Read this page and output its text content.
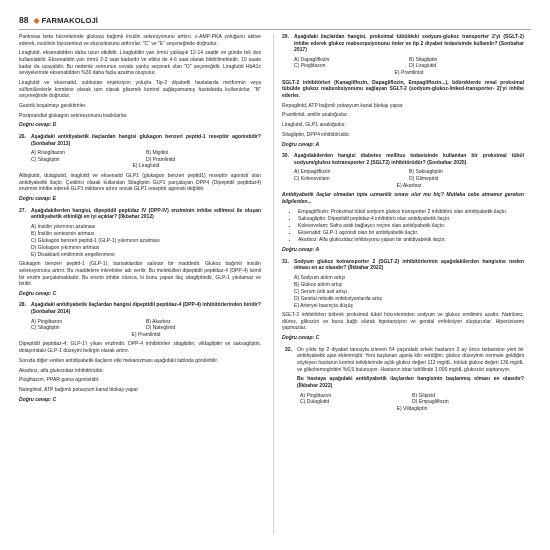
88 ◆ FARMAKOLOJİ

Pankreas beta hücrelerinde glukoza bağımlı insülin sekresyonunu arttırır. c-AMP-PKA yoluğunu aktive ederek, insülinin biyosentezi ve ekzositozunu arttırırlar. "C" ve "E" seçeneğinde doğrudur.

Liraglutid, eksenatidden daha uzun etkilidir. Liraglutidin yarı ömrü yaklaşık 12-14 saattir ve günde tek doz kullanılabilir. Eksenatidin yarı ömrü 2-3 saat kadardır ve etkisi de 4-6 saat olarak bildirilmektedir, 10 saate kadar da uzayabilir. Bu nedenle sonrunun cevabı yanlış seçenek olan "D" seçeneğidir. Liraglutid HbA1c seviyelerinde eksenatidden %30 daha fazla azalma oluşturur.

Liraglutid ve eksenatid, subkutan enjeksiyon yoluyla Tip-2 diyabetli hastalarda metformin veya sülfonilürelerle kombine olarak tam olarak glisemik kontrol sağlayamamış hastalarda kullanılırlar. "B" seçeneğinde doğrudur.

Gastrik boşalmayı geciktirirler.

Postprandial glukagon sekresyonunu baskılarlar.

Doğru cevap: D
26. Aşağıdaki antidiyabetik ilaçlardan hangisi glukagon benzeri peptid-1 reseptör agonistidir? (Sonbahar 2013)
A) Rosiglitazon	B) Miglitol
C) Sitagliptin	D) Pramlintid
E) Liraglutid

Albiglutid, dulaglutid, liraglutid ve eksenatid GLP1 (glukagon benzeri peptid1) reseptör agonisti olan antidiyabetik ilaçtır. Çeldirici olarak kullanılan Sitagliptin GLP1 parçalayan DPP4 (Dipeptidil peptidaz4) enzimini inhibe ederek GLP1 miktarını artırır ancak GLP1 reseptör agonisti değildir.

Doğru cevap: E
27. Aşağıdakilerden hangisi, dipeptidil peptidaz IV (DPP-IV) enziminin inhibe edilmesi ile oluşan antidiyabetik etkinliği en iyi açıklar? (İlkbahar 2012)
A) İnsülin yıkımının azalması
B) İnsülin sentezinin artması
C) Glukagon benzeri peptid-1 (GLP-1) yıkımının azalması
D) Glukagon yıkımının artması
E) Disakkarit emiliminin engellenmesi

Glukagon benzeri peptid-1 (GLP-1); barsaklardan salınan bir maddedir. Glukoz bağımlı insülin sekresyonunu artırır. Bu maddelere inkretinler adı verilir. Bu molekülleri dipeptidil peptidaz-4 (DPP-4) isimli bir enzim parçalamaktadır. Bu enzim inhibe olunca, ki bunu yapan ilaç sitagliptindir, GLP-1 yıkılamaz ve birikir.

Doğru cevap: C
28. Aşağıdaki antidiyabetik ilaçlardan hangisi dipeptidil peptidaz-4 (DPP-4) inhibitörlerinden biridir? (Sonbahar 2014)
A) Pioglitazon	B) Akarboz
C) Sitagliptin	D) Nateglinid
E) Pramlintid

Dipeptidil peptidaz-4; GLP-1'i yıkan enzimdir. DPP-4 inhibitörleri sitagliptin, vildagliptin ve saksagliptin, dolaşımdaki GLP-1 düzeyini belirgin olarak artırır.

Soruda diğer verilen antidiyabetik ilaçların etki mekanizması aşağıdaki tabloda görülebilir.

Akarboz, alfa glukozidaz inhibitörüdür.

Pioglitazon, PPAR gama agonistidir.

Nateglinid, ATP bağımlı potasyum kanal blokajı yapar

Doğru cevap: C
29. Aşağıdaki ilaçlardan hangisi, proksimal tübüldeki sodyum-glukoz transporter 2'yi (SGLT-2) inhibe ederek glukoz reabsorpsiyonunu önler ve tip 2 diyabet tedavisinde kullanılır? (Sonbahar 2017)
A) Dapagliflozin	B) Sitagliptin
C) Pioglitazon	D) Liraglutid
E) Pramlintid

SGLT-2 inhibitörleri (Kanagliflozin, Dapagliflozin, Empagliflozin...), böbreklerde renal proksimal tübülde glukoz reabsobsiyonunu sağlayan SGLT-2 (sodyum-glukoz-linked-transporter- 2)'yi inhibe ederler.

Repaglinid, ATP bağımlı potasyum kanal blokajı yapar.

Pramlintid, amilin analoğudur.

Liraglutid, GLP1 analoğudur.

Sitagliptin, DPP4 inhibitörüdür.

Doğru cevap: A
30. Aşağıdakilerden hangisi diabetes mellitus tedavisinde kullanılan bir proksimal tübül sodyum/glukoz kotransporter 2 (SGLT2) inhibitörüdür? (Sonbahar 2025)
A) Empagliflozin	B) Saksagliptin
C) Koleesvelam	D) Glimepirid
E) Akarboz

Antidiyabetik ilaçlar olmadan tıpta uzmanlık sınavı olur mu hiç? Mutlaka cebe atmamız gereken bilgilerden...

• Empagliflozin: Proksimal tübül sodyum glukoz transporter 2 inhibitörü olan antidiyabetik ilaçtır.
• Saksagliptin: Dipeptidil peptidaz-4 inhibitörü olan antidiyabetik ilaçtır.
• Koleesvelam: Safra asidi bağlayıcı reçine olan antidiyabetik ilaçtır.
• Eksenatid: GLP-1 agonisti olan bir antidiyabetik ilaçtır.
• Akarboz: Alfa glukozidaz inhibisyonu yapan bir antidiyabetik ilaçtır.
Doğru cevap: A
31. Sodyum glukoz kotransporter 2 (SGLT-2) inhibitörlerinin aşağıdakilerden hangisine neden olması en az olasıdır? (İlkbahar 2022)
A) Sodyum atılım artışı
B) Glukoz atılım artışı
C) Serum ürik asit artışı
D) Genital mikotik enfeksiyonlarda artış
E) Arteryel basınçta düşüş

SGLT-2 inhibitörleri böbrek proksimal tübül hücrelerinden sodyum ve glukoz emilimini azaltır. Natriürez, diürez, glikozüri ve buna bağlı olarak hipotansiyon ve genital enfeksiyon oluştururlar. Hiperürisemi yapmazlar.

Doğru cevap: C
32. On yıldır tip 2 diyabet tanısıyla izlenen 54 yaşındaki erkek hastanın 3 ay önce tedavisine yeni bir antidiyabetik ajan eklenmiştir. Yeni başlanan ajanla kilo verdiğini, glukoz düzeyinin normale geldiğini söyleyen hastanın kontrol tetkiklerinde açlık glukoz değeri 112 mg/dL, tokluk glukoz değeri 136 mg/dL ve glikohemoglobini %6,9 bulunuyor. Hastanın idrar tahlilinde 1.000 mg/dL glukozüri saptanıyor.

Bu hastaya aşağıdaki antidiyabetik ilaçlardan hangisinin başlanmış olması en olasıdır? (İlkbahar 2022)

A) Pioglitazon	B) Glipizid
C) Dulaglutid	D) Empagliflozin
E) Vildagliptin
